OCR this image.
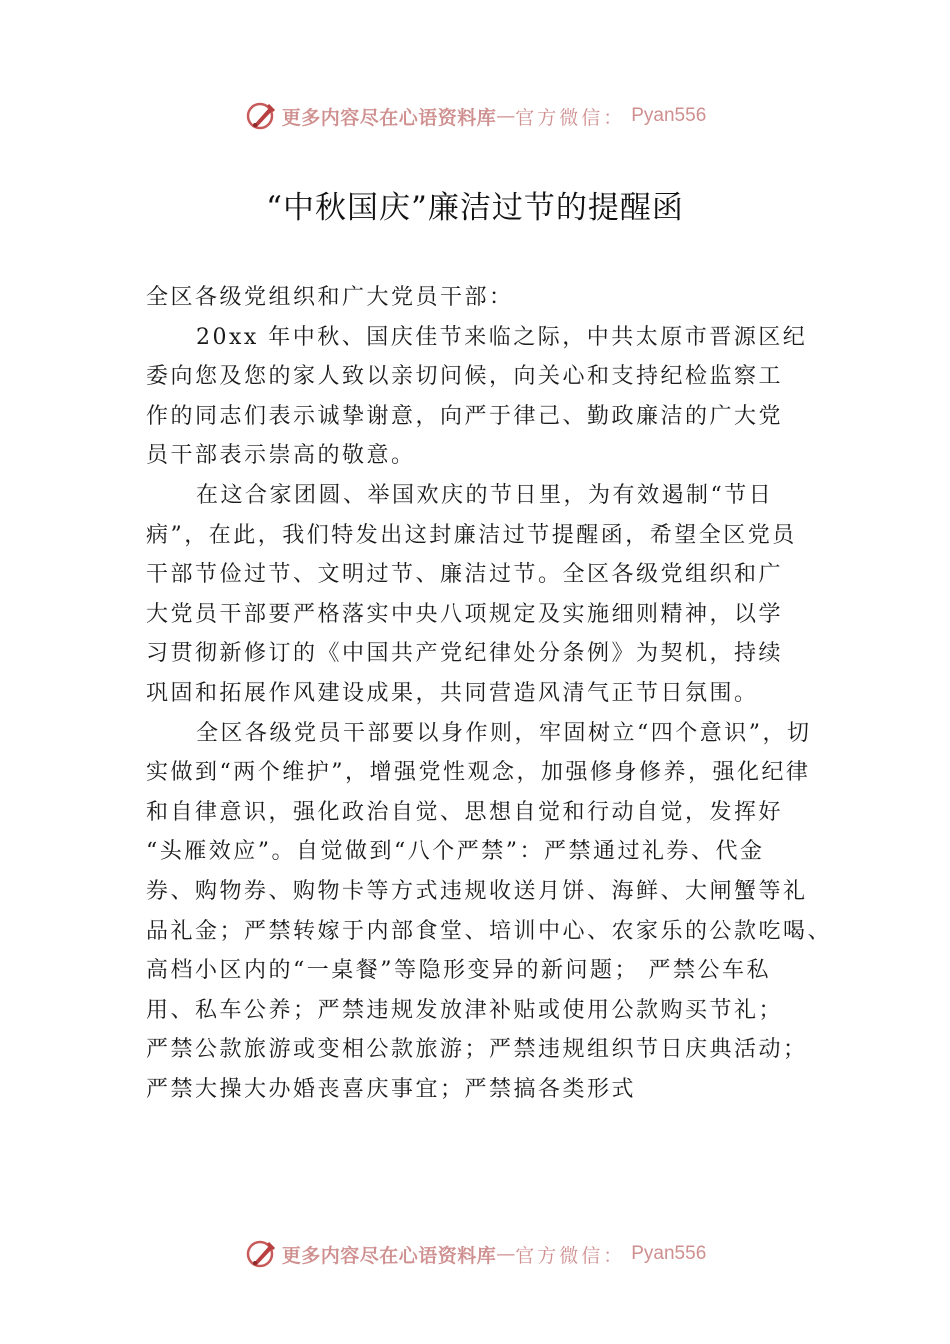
更多内容尽在心语资料库 — 官方微信： Pyan556
“中秋国庆”廉洁过节的提醒函
全区各级党组织和广大党员干部：
20xx 年中秋、国庆佳节来临之际，中共太原市晋源区纪
委向您及您的家人致以亲切问候，向关心和支持纪检监察工
作的同志们表示诚挚谢意，向严于律己、勤政廉洁的广大党
员干部表示崇高的敬意。
在这合家团圆、举国欢庆的节日里，为有效遏制“节日
病”，在此，我们特发出这封廉洁过节提醒函，希望全区党员
干部节俭过节、文明过节、廉洁过节。全区各级党组织和广
大党员干部要严格落实中央八项规定及实施细则精神，以学
习贯彻新修订的《中国共产党纪律处分条例》为契机，持续
巩固和拓展作风建设成果，共同营造风清气正节日氛围。
全区各级党员干部要以身作则，牢固树立“四个意识”，切
实做到“两个维护”，增强党性观念，加强修身修养，强化纪律
和自律意识，强化政治自觉、思想自觉和行动自觉，发挥好
“头雁效应”。自觉做到“八个严禁”：严禁通过礼券、代金
券、购物券、购物卡等方式违规收送月饼、海鲜、大闸蟹等礼
品礼金；严禁转嫁于内部食堂、培训中心、农家乐的公款吃喝、
高档小区内的“一桌餐”等隐形变异的新问题； 严禁公车私
用、私车公养；严禁违规发放津补贴或使用公款购买节礼；
严禁公款旅游或变相公款旅游；严禁违规组织节日庆典活动；
严禁大操大办婚丧喜庆事宜；严禁搞各类形式
更多内容尽在心语资料库 — 官方微信： Pyan556
